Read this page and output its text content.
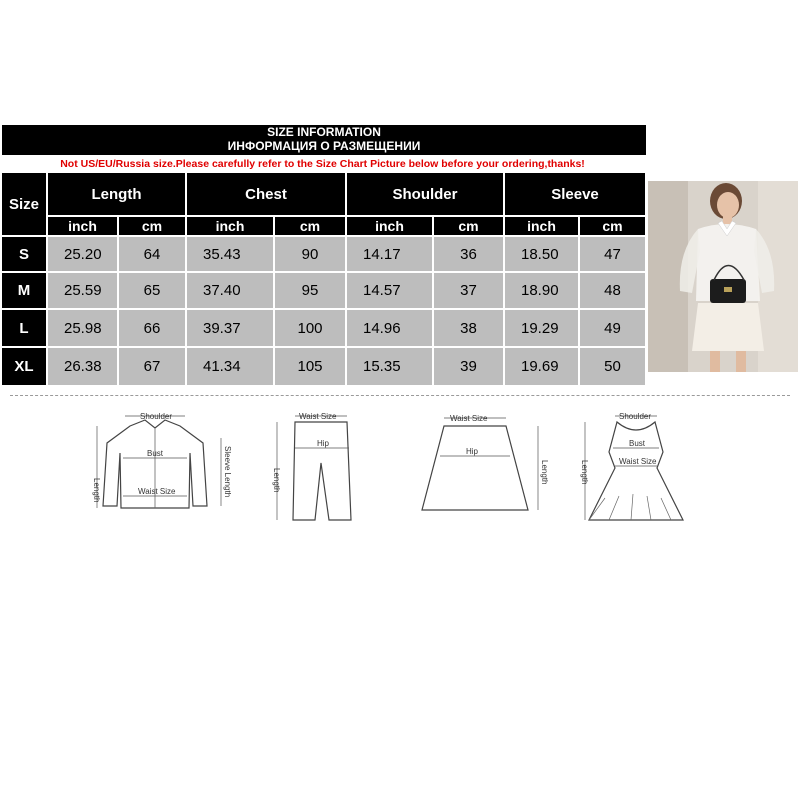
SIZE INFORMATION
ИНФОРМАЦИЯ О РАЗМЕЩЕНИИ
Not US/EU/Russia size.Please carefully refer to the Size Chart Picture below before your ordering,thanks!
Size
Length	Chest	Shoulder	Sleeve
inch	cm	inch	cm	inch	cm	inch	cm
S	25.20	64	35.43	90	14.17	36	18.50	47
M	25.59	65	37.40	95	14.57	37	18.90	48
L	25.98	66	39.37	100	14.96	38	19.29	49
XL	26.38	67	41.34	105	15.35	39	19.69	50
Shoulder
Bust
Waist Size
Length	Sleeve Length
Waist Size
Hip
Length
Waist Size
Hip
Length
Shoulder
Bust
Waist Size
Length
